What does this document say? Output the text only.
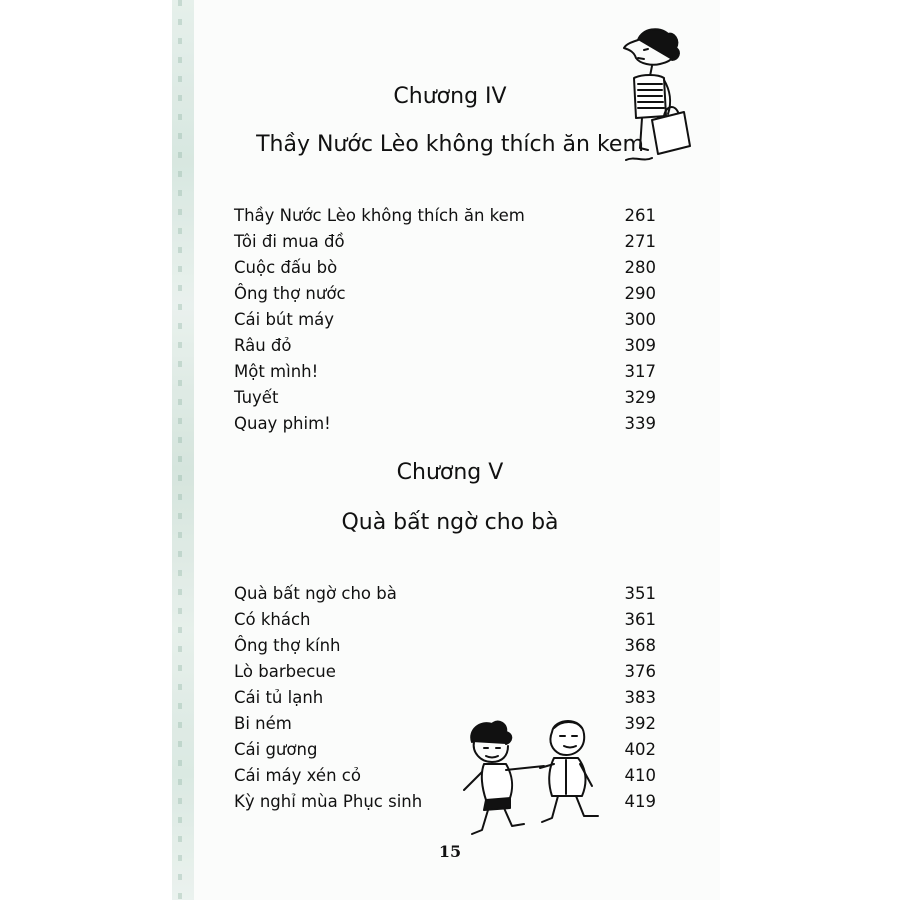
Chương IV
Thầy Nước Lèo không thích ăn kem
Thầy Nước Lèo không thích ăn kem	261
Tôi đi mua đồ	271
Cuộc đấu bò	280
Ông thợ nước	290
Cái bút máy	300
Râu đỏ	309
Một mình!	317
Tuyết	329
Quay phim!	339
Chương V
Quà bất ngờ cho bà
Quà bất ngờ cho bà	351
Có khách	361
Ông thợ kính	368
Lò barbecue	376
Cái tủ lạnh	383
Bi ném	392
Cái gương	402
Cái máy xén cỏ	410
Kỳ nghỉ mùa Phục sinh	419
15
